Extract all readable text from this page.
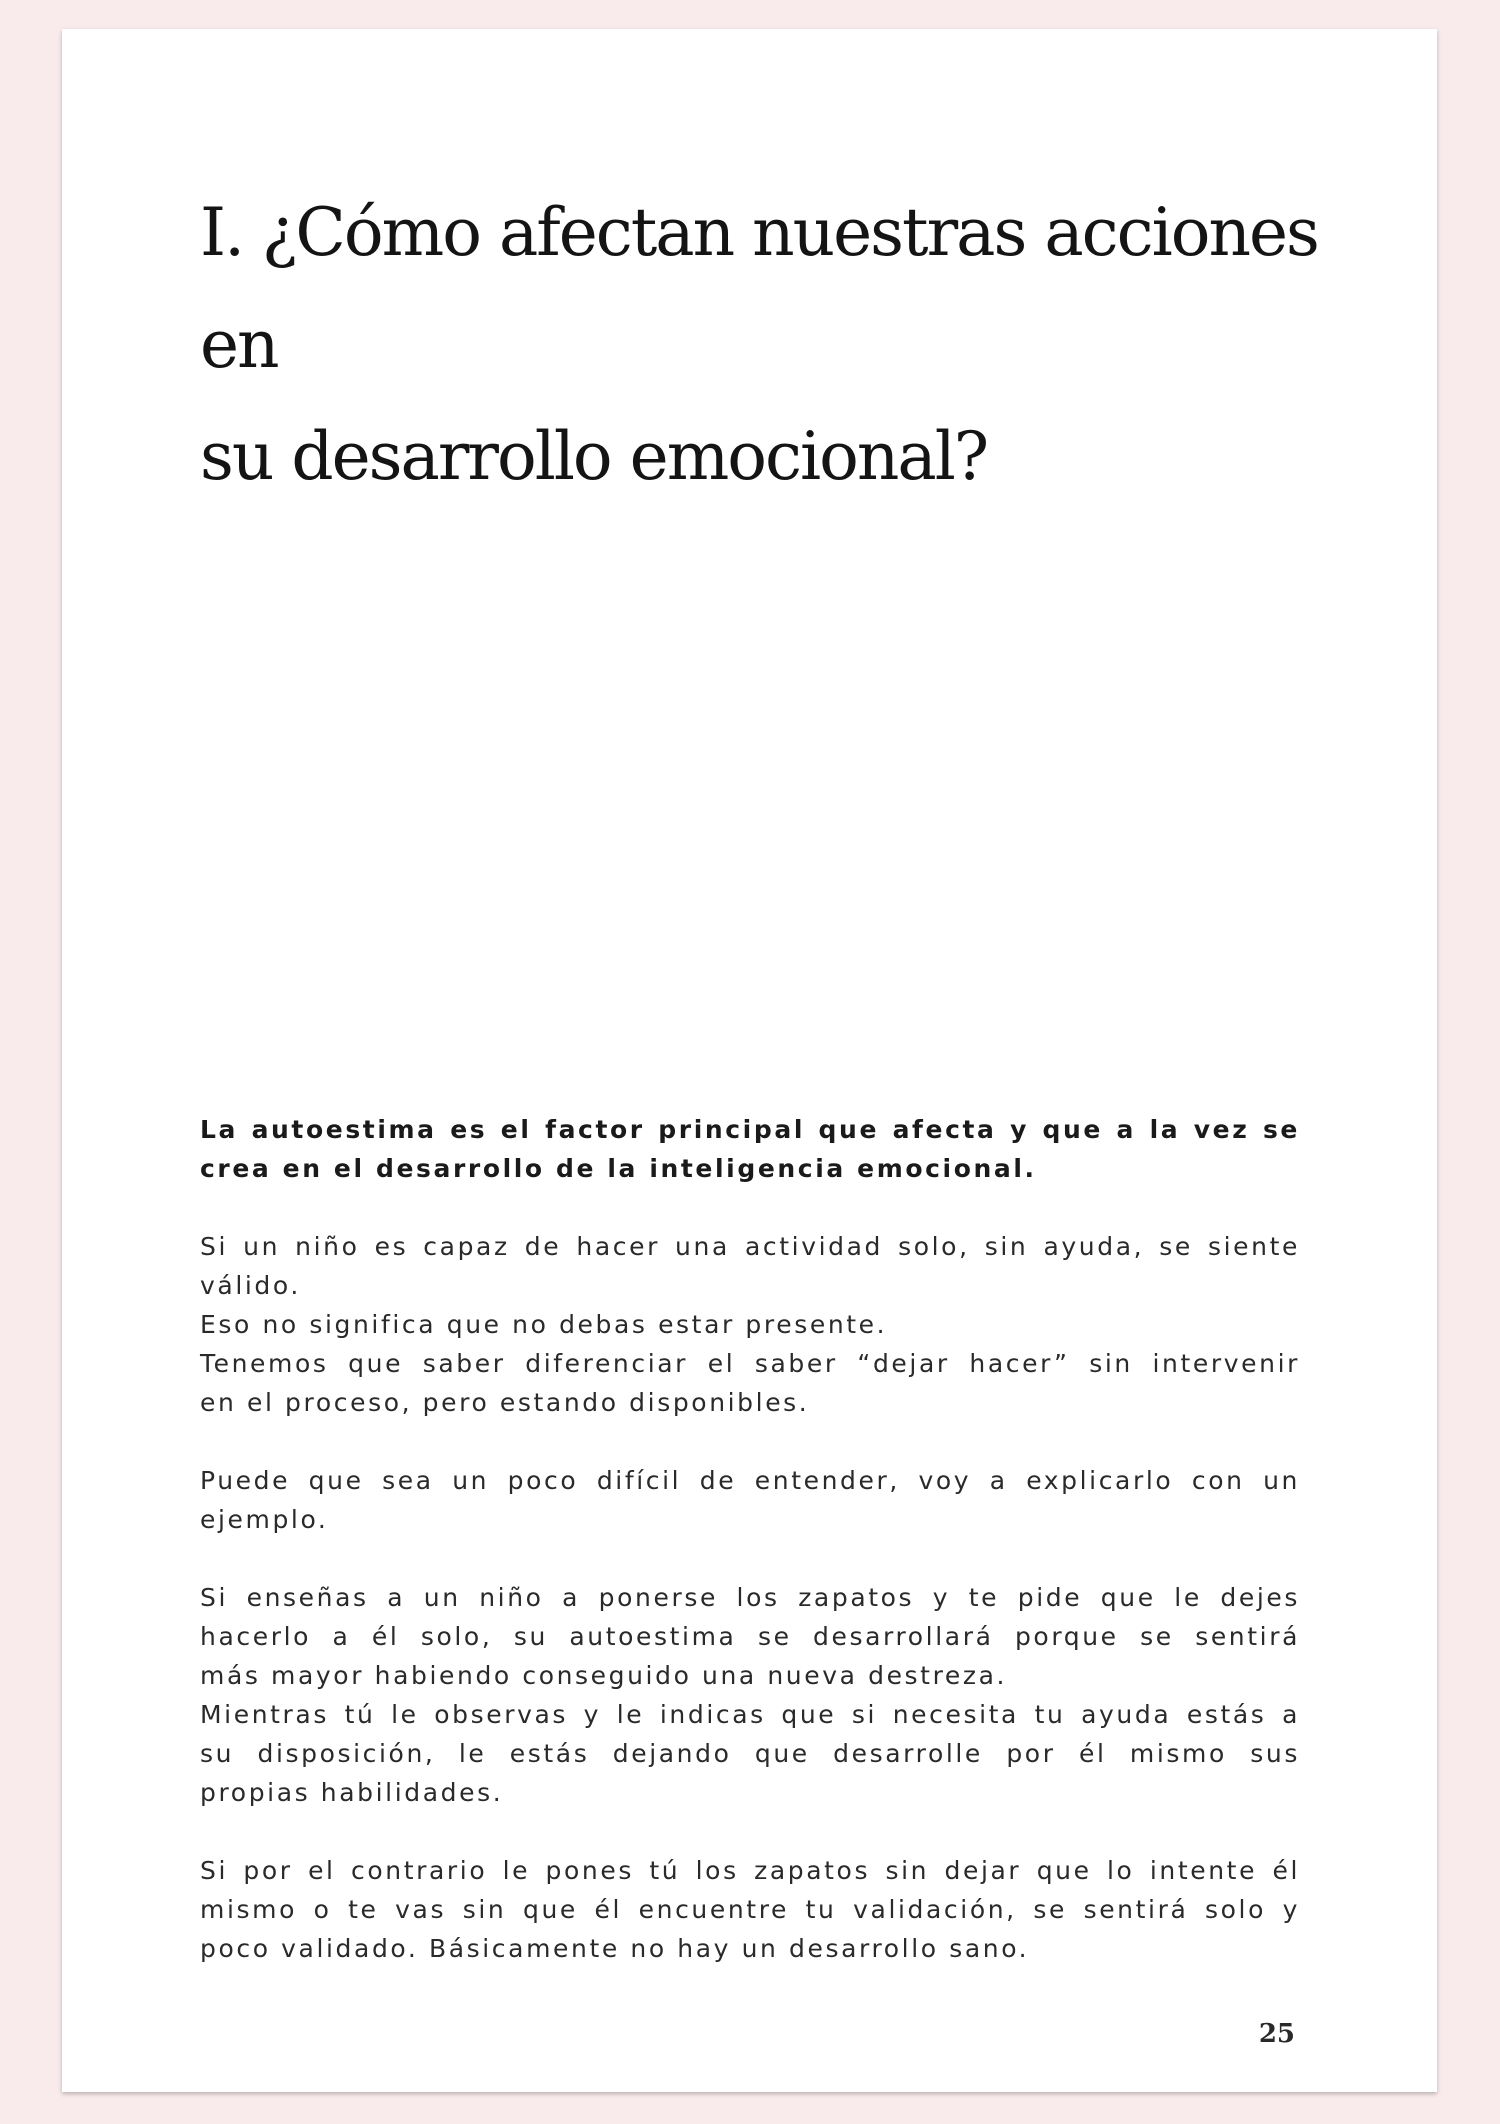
I. ¿Cómo afectan nuestras acciones en
su desarrollo emocional?

La autoestima es el factor principal que afecta y que a la vez se
crea en el desarrollo de la inteligencia emocional.

Si un niño es capaz de hacer una actividad solo, sin ayuda, se siente
válido.
Eso no significa que no debas estar presente.
Tenemos que saber diferenciar el saber “dejar hacer” sin intervenir
en el proceso, pero estando disponibles.

Puede que sea un poco difícil de entender, voy a explicarlo con un
ejemplo.

Si enseñas a un niño a ponerse los zapatos y te pide que le dejes
hacerlo a él solo, su autoestima se desarrollará porque se sentirá
más mayor habiendo conseguido una nueva destreza.
Mientras tú le observas y le indicas que si necesita tu ayuda estás a
su disposición, le estás dejando que desarrolle por él mismo sus
propias habilidades.

Si por el contrario le pones tú los zapatos sin dejar que lo intente él
mismo o te vas sin que él encuentre tu validación, se sentirá solo y
poco validado. Básicamente no hay un desarrollo sano.

25
